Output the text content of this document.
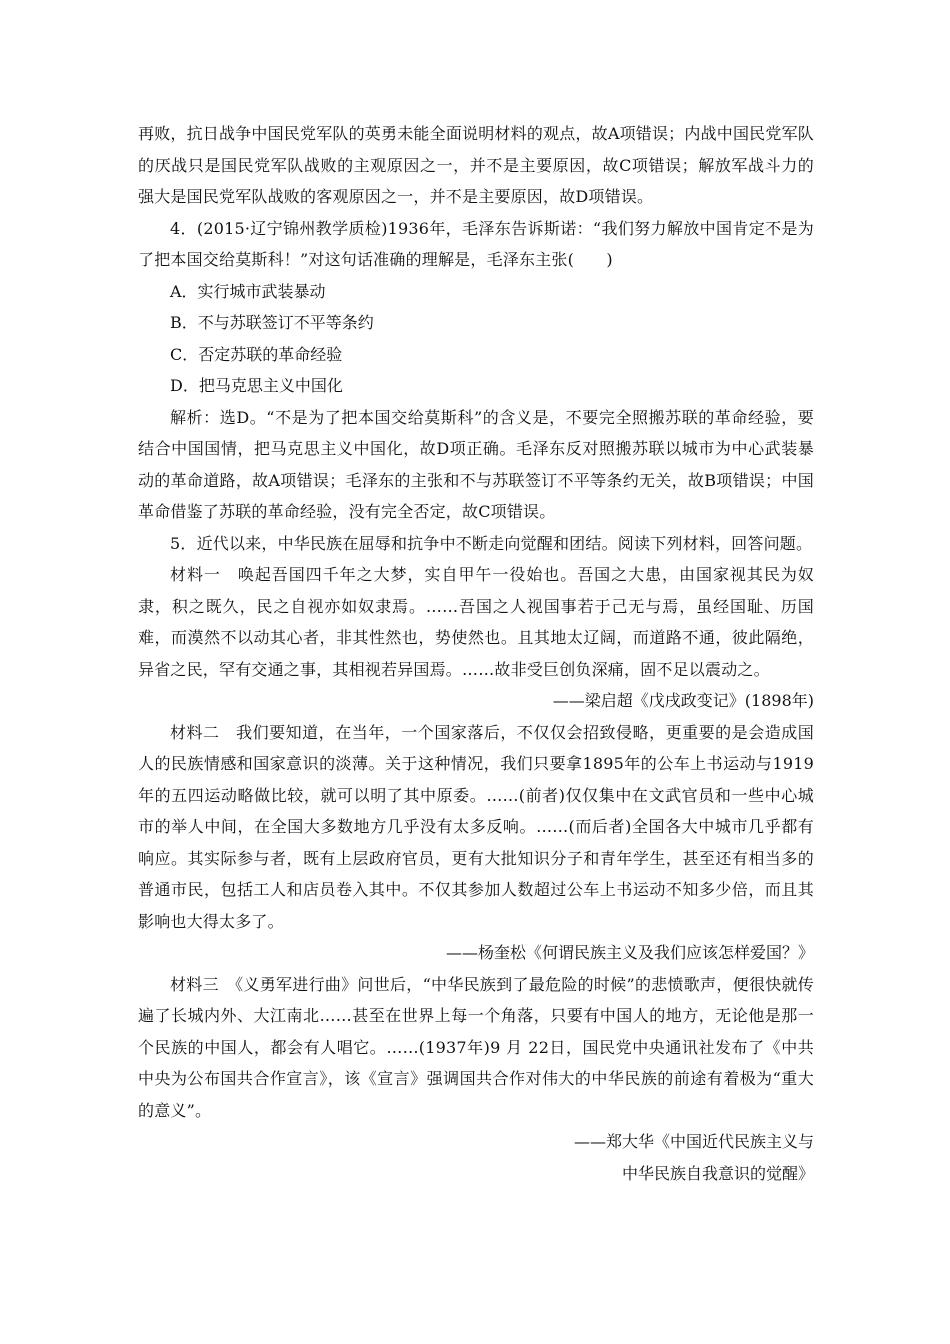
再败，抗日战争中国民党军队的英勇未能全面说明材料的观点，故A项错误；内战中国民党军队的厌战只是国民党军队战败的主观原因之一，并不是主要原因，故C项错误；解放军战斗力的强大是国民党军队战败的客观原因之一，并不是主要原因，故D项错误。

4．(2015·辽宁锦州教学质检)1936年，毛泽东告诉斯诺：“我们努力解放中国肯定不是为了把本国交给莫斯科！”对这句话准确的理解是，毛泽东主张(　　)

A．实行城市武装暴动

B．不与苏联签订不平等条约

C．否定苏联的革命经验

D．把马克思主义中国化

解析：选D。“不是为了把本国交给莫斯科”的含义是，不要完全照搬苏联的革命经验，要结合中国国情，把马克思主义中国化，故D项正确。毛泽东反对照搬苏联以城市为中心武装暴动的革命道路，故A项错误；毛泽东的主张和不与苏联签订不平等条约无关，故B项错误；中国革命借鉴了苏联的革命经验，没有完全否定，故C项错误。

5．近代以来，中华民族在屈辱和抗争中不断走向觉醒和团结。阅读下列材料，回答问题。

材料一　唤起吾国四千年之大梦，实自甲午一役始也。吾国之大患，由国家视其民为奴隶，积之既久，民之自视亦如奴隶焉。……吾国之人视国事若于己无与焉，虽经国耻、历国难，而漠然不以动其心者，非其性然也，势使然也。且其地太辽阔，而道路不通，彼此隔绝，异省之民，罕有交通之事，其相视若异国焉。……故非受巨创负深痛，固不足以震动之。

——梁启超《戊戌政变记》(1898年)

材料二　我们要知道，在当年，一个国家落后，不仅仅会招致侵略，更重要的是会造成国人的民族情感和国家意识的淡薄。关于这种情况，我们只要拿1895年的公车上书运动与1919年的五四运动略做比较，就可以明了其中原委。……(前者)仅仅集中在文武官员和一些中心城市的举人中间，在全国大多数地方几乎没有太多反响。……(而后者)全国各大中城市几乎都有响应。其实际参与者，既有上层政府官员，更有大批知识分子和青年学生，甚至还有相当多的普通市民，包括工人和店员卷入其中。不仅其参加人数超过公车上书运动不知多少倍，而且其影响也大得太多了。

——杨奎松《何谓民族主义及我们应该怎样爱国？》

材料三　《义勇军进行曲》问世后，“中华民族到了最危险的时候”的悲愤歌声，便很快就传遍了长城内外、大江南北……甚至在世界上每一个角落，只要有中国人的地方，无论他是那一个民族的中国人，都会有人唱它。……(1937年)9 月 22日，国民党中央通讯社发布了《中共中央为公布国共合作宣言》，该《宣言》强调国共合作对伟大的中华民族的前途有着极为“重大的意义”。

——郑大华《中国近代民族主义与

中华民族自我意识的觉醒》
